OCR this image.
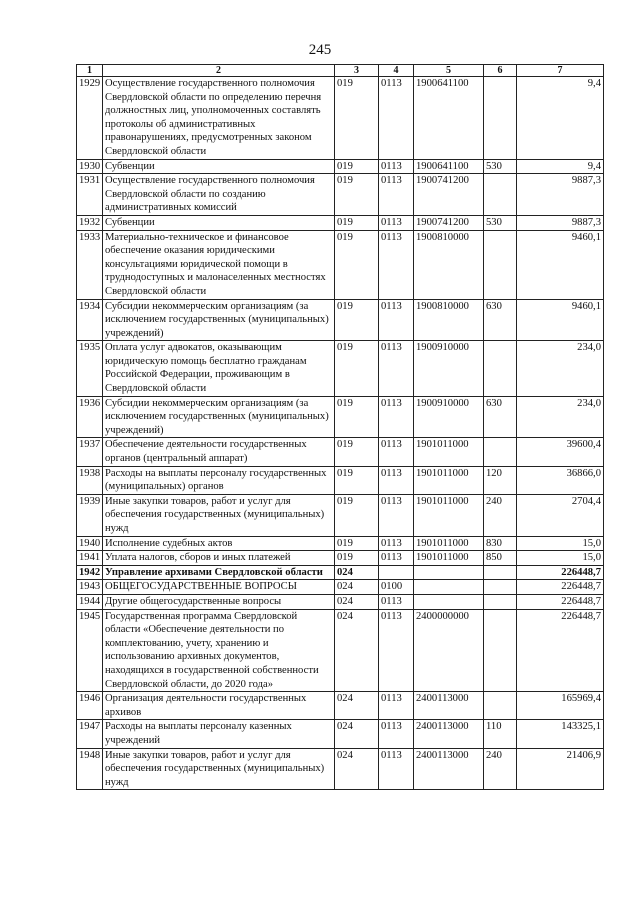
245
1	2	3	4	5	6	7
1929	Осуществление государственного полномочия Свердловской области по определению перечня должностных лиц, уполномоченных составлять протоколы об административных правонарушениях, предусмотренных законом Свердловской области	019	0113	1900641100		9,4
1930	Субвенции	019	0113	1900641100	530	9,4
1931	Осуществление государственного полномочия Свердловской области по созданию административных комиссий	019	0113	1900741200		9887,3
1932	Субвенции	019	0113	1900741200	530	9887,3
1933	Материально-техническое и финансовое обеспечение оказания юридическими консультациями юридической помощи в труднодоступных и малонаселенных местностях Свердловской области	019	0113	1900810000		9460,1
1934	Субсидии некоммерческим организациям (за исключением государственных (муниципальных) учреждений)	019	0113	1900810000	630	9460,1
1935	Оплата услуг адвокатов, оказывающим юридическую помощь бесплатно гражданам Российской Федерации, проживающим в Свердловской области	019	0113	1900910000		234,0
1936	Субсидии некоммерческим организациям (за исключением государственных (муниципальных) учреждений)	019	0113	1900910000	630	234,0
1937	Обеспечение деятельности государственных органов (центральный аппарат)	019	0113	1901011000		39600,4
1938	Расходы на выплаты персоналу государственных (муниципальных) органов	019	0113	1901011000	120	36866,0
1939	Иные закупки товаров, работ и услуг для обеспечения государственных (муниципальных) нужд	019	0113	1901011000	240	2704,4
1940	Исполнение судебных актов	019	0113	1901011000	830	15,0
1941	Уплата налогов, сборов и иных платежей	019	0113	1901011000	850	15,0
1942	Управление архивами Свердловской области	024				226448,7
1943	ОБЩЕГОСУДАРСТВЕННЫЕ ВОПРОСЫ	024	0100			226448,7
1944	Другие общегосударственные вопросы	024	0113			226448,7
1945	Государственная программа Свердловской области «Обеспечение деятельности по комплектованию, учету, хранению и использованию архивных документов, находящихся в государственной собственности Свердловской области, до 2020 года»	024	0113	2400000000		226448,7
1946	Организация деятельности государственных архивов	024	0113	2400113000		165969,4
1947	Расходы на выплаты персоналу казенных учреждений	024	0113	2400113000	110	143325,1
1948	Иные закупки товаров, работ и услуг для обеспечения государственных (муниципальных) нужд	024	0113	2400113000	240	21406,9
